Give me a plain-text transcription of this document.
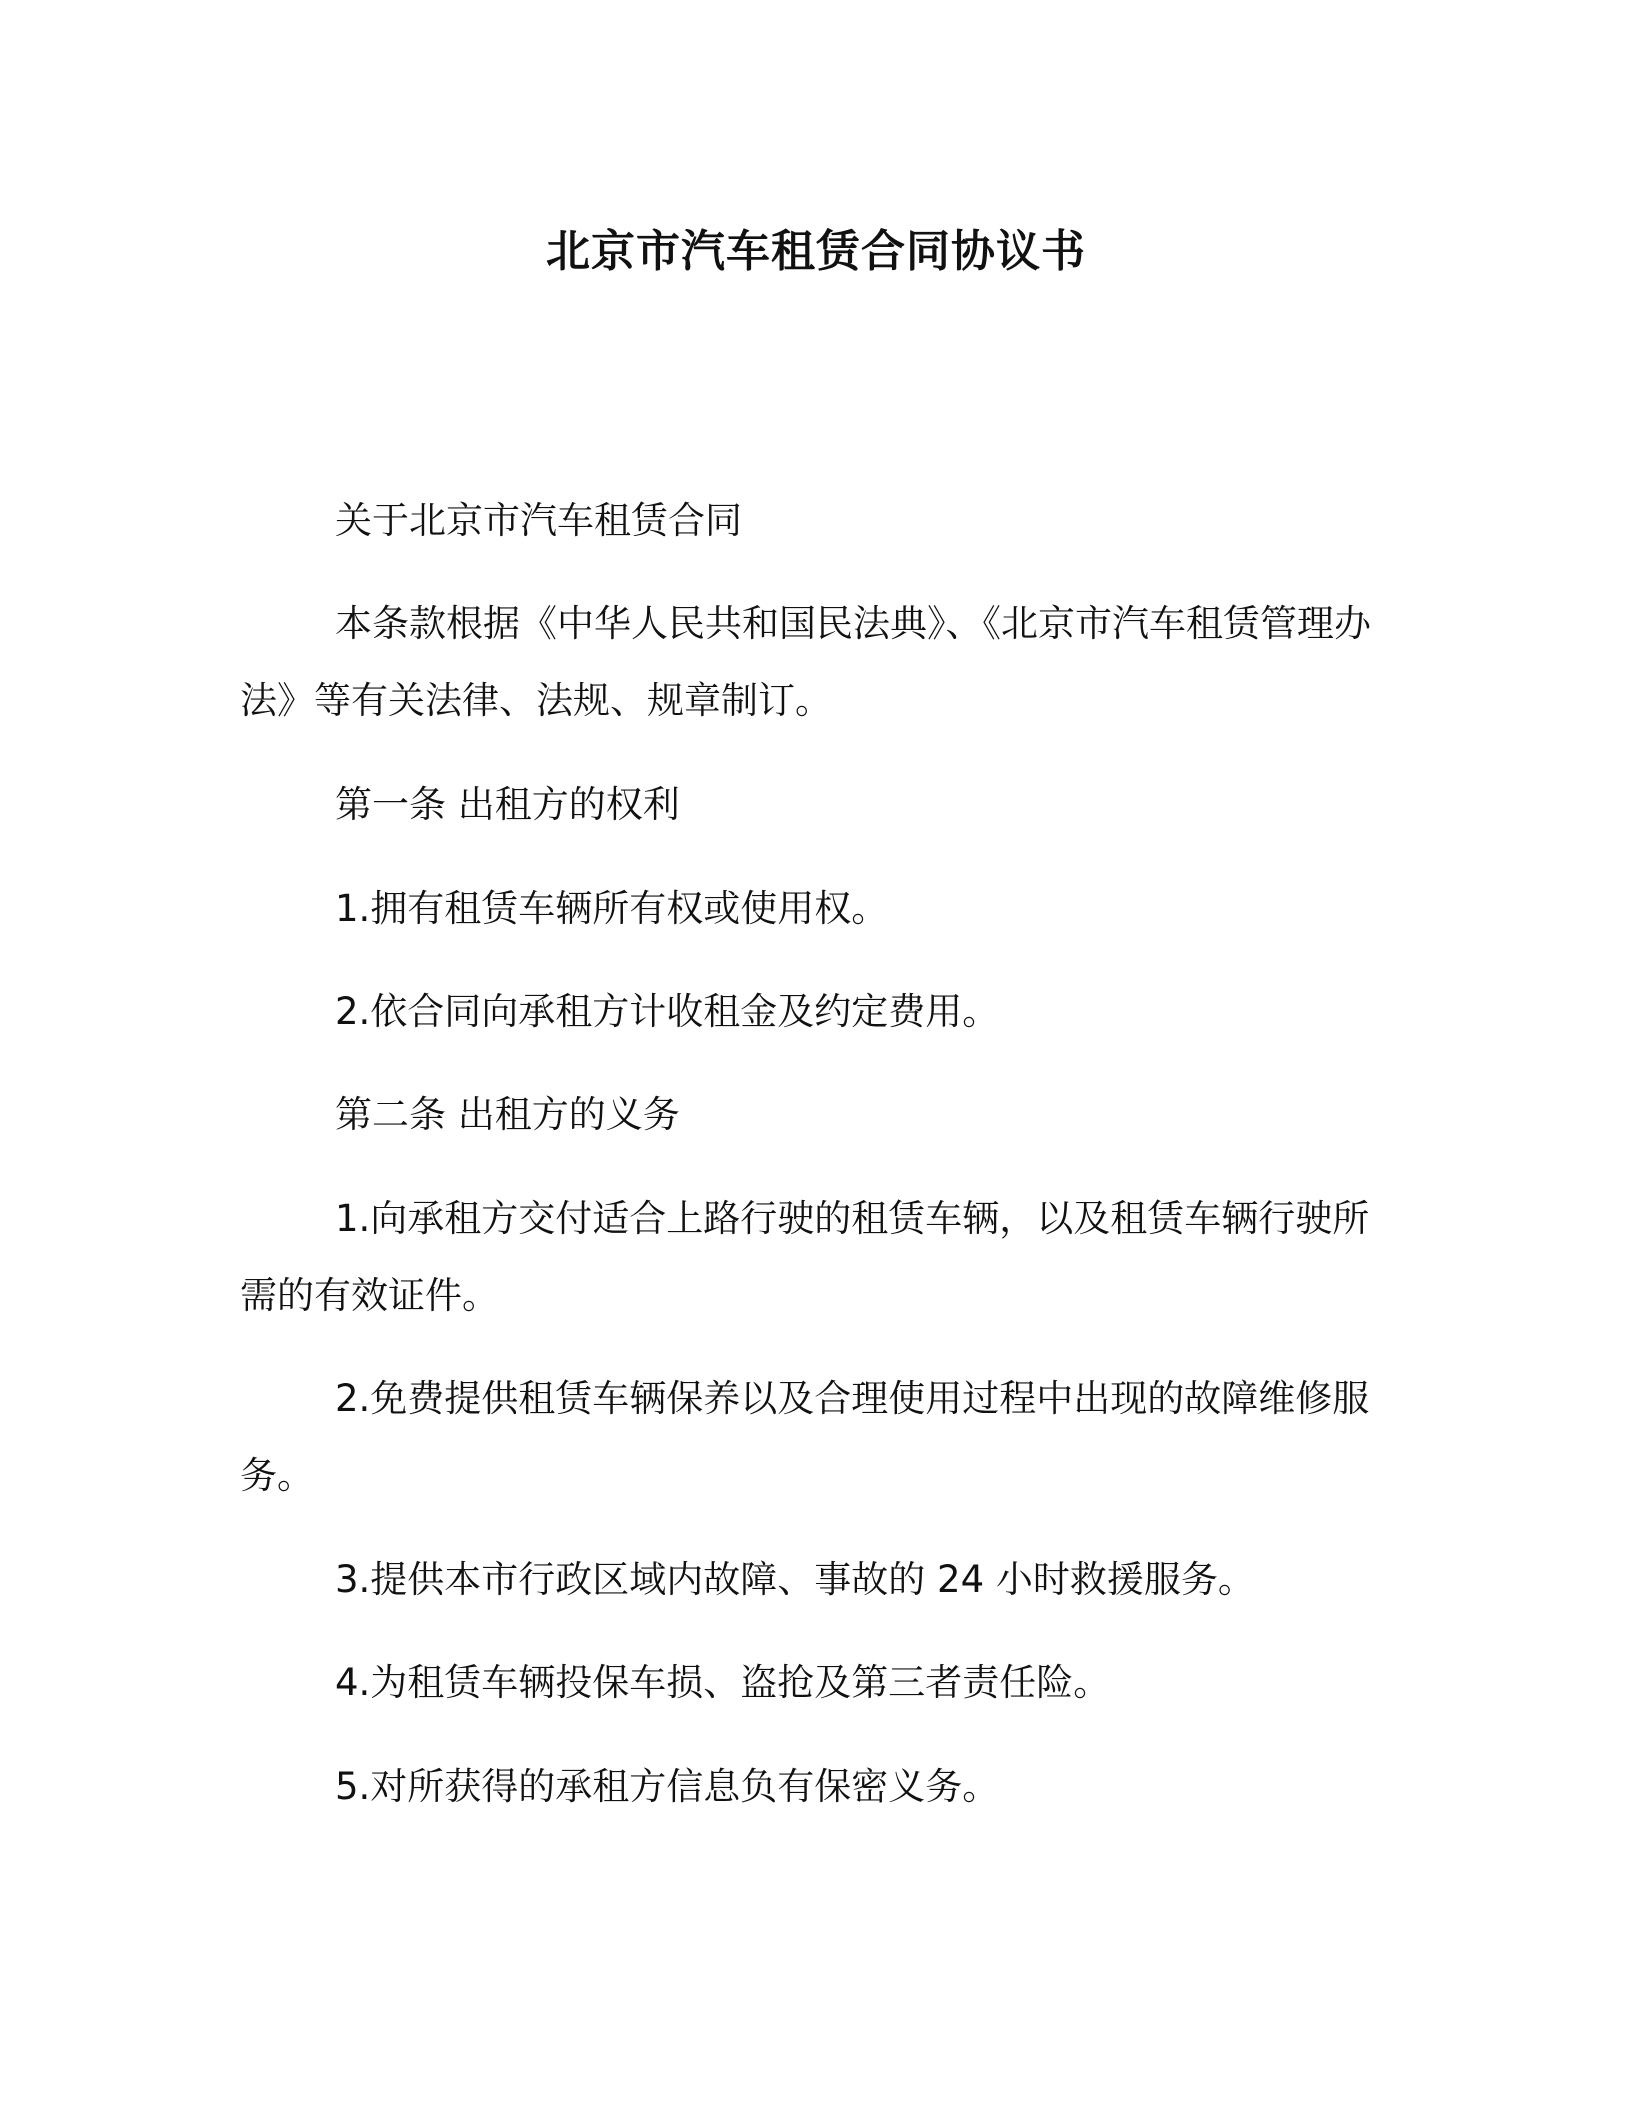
北京市汽车租赁合同协议书

关于北京市汽车租赁合同

本条款根据《中华人民共和国民法典》、《北京市汽车租赁管理办法》等有关法律、法规、规章制订。

第一条 出租方的权利

1.拥有租赁车辆所有权或使用权。

2.依合同向承租方计收租金及约定费用。

第二条 出租方的义务

1.向承租方交付适合上路行驶的租赁车辆，以及租赁车辆行驶所需的有效证件。

2.免费提供租赁车辆保养以及合理使用过程中出现的故障维修服务。

3.提供本市行政区域内故障、事故的 24 小时救援服务。

4.为租赁车辆投保车损、盗抢及第三者责任险。

5.对所获得的承租方信息负有保密义务。
